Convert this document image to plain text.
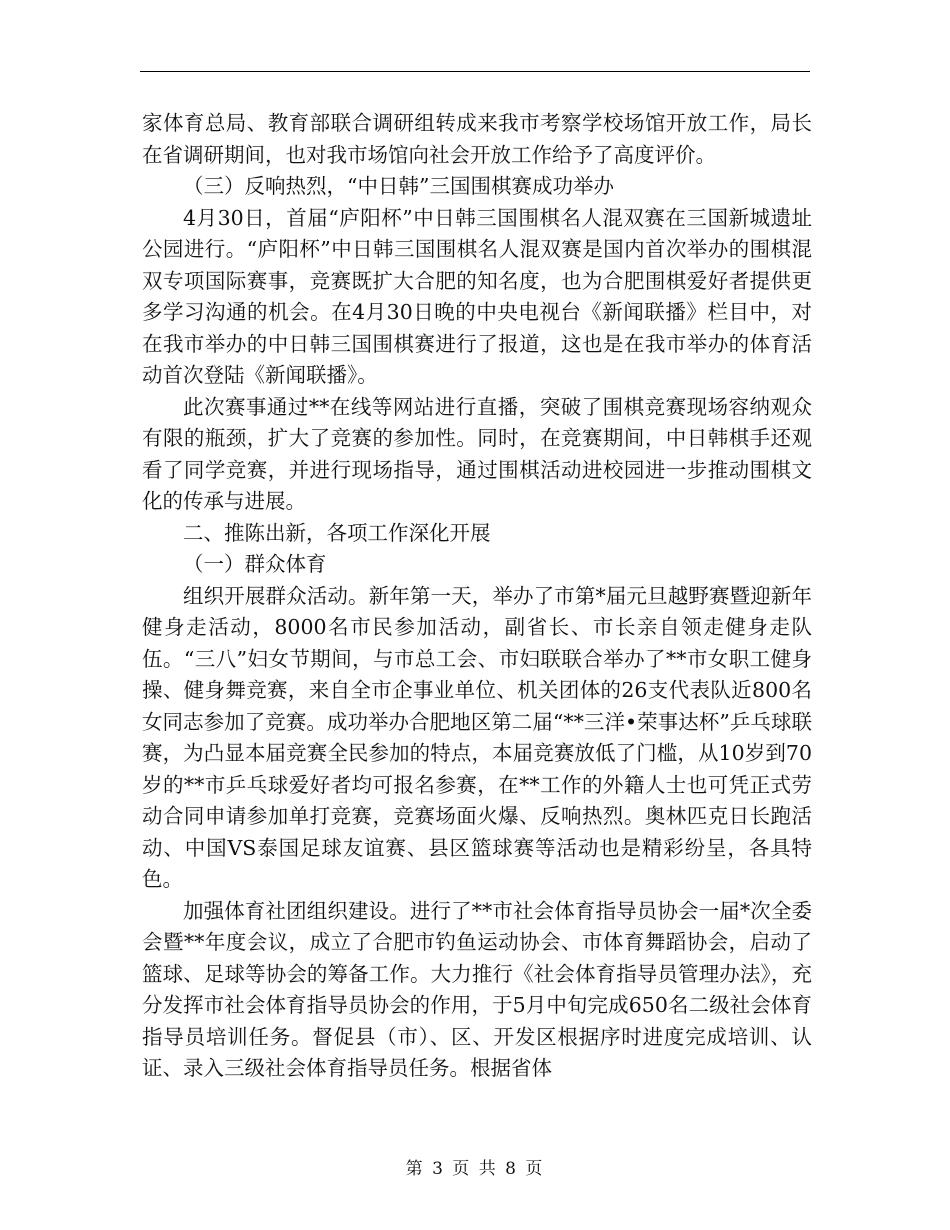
家体育总局、教育部联合调研组转成来我市考察学校场馆开放工作，局长在省调研期间，也对我市场馆向社会开放工作给予了高度评价。

（三）反响热烈，“中日韩”三国围棋赛成功举办

4月30日，首届“庐阳杯”中日韩三国围棋名人混双赛在三国新城遗址公园进行。“庐阳杯”中日韩三国围棋名人混双赛是国内首次举办的围棋混双专项国际赛事，竞赛既扩大合肥的知名度，也为合肥围棋爱好者提供更多学习沟通的机会。在4月30日晚的中央电视台《新闻联播》栏目中，对在我市举办的中日韩三国围棋赛进行了报道，这也是在我市举办的体育活动首次登陆《新闻联播》。

此次赛事通过**在线等网站进行直播，突破了围棋竞赛现场容纳观众有限的瓶颈，扩大了竞赛的参加性。同时，在竞赛期间，中日韩棋手还观看了同学竞赛，并进行现场指导，通过围棋活动进校园进一步推动围棋文化的传承与进展。

二、推陈出新，各项工作深化开展

（一）群众体育

组织开展群众活动。新年第一天，举办了市第*届元旦越野赛暨迎新年健身走活动，8000名市民参加活动，副省长、市长亲自领走健身走队伍。“三八”妇女节期间，与市总工会、市妇联联合举办了**市女职工健身操、健身舞竞赛，来自全市企事业单位、机关团体的26支代表队近800名女同志参加了竞赛。成功举办合肥地区第二届“**三洋•荣事达杯”乒乓球联赛，为凸显本届竞赛全民参加的特点，本届竞赛放低了门槛，从10岁到70岁的**市乒乓球爱好者均可报名参赛，在**工作的外籍人士也可凭正式劳动合同申请参加单打竞赛，竞赛场面火爆、反响热烈。奥林匹克日长跑活动、中国VS泰国足球友谊赛、县区篮球赛等活动也是精彩纷呈，各具特色。

加强体育社团组织建设。进行了**市社会体育指导员协会一届*次全委会暨**年度会议，成立了合肥市钓鱼运动协会、市体育舞蹈协会，启动了篮球、足球等协会的筹备工作。大力推行《社会体育指导员管理办法》，充分发挥市社会体育指导员协会的作用，于5月中旬完成650名二级社会体育指导员培训任务。督促县（市）、区、开发区根据序时进度完成培训、认证、录入三级社会体育指导员任务。根据省体

第 3 页 共 8 页
